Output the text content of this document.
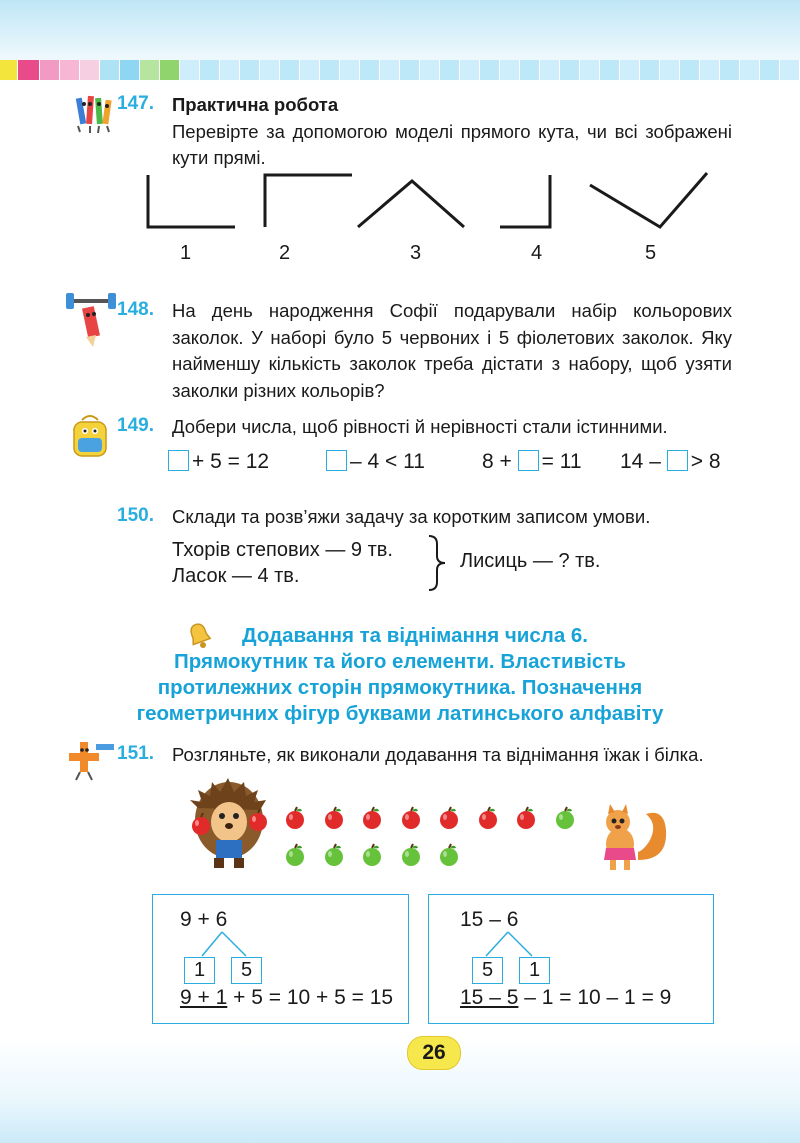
147. Практична робота
Перевірте за допомогою моделі прямого кута, чи всі зображені кути прямі.
1	2	3	4	5
148. На день народження Софії подарували набір кольорових заколок. У наборі було 5 червоних і 5 фіолетових заколок. Яку найменшу кількість заколок треба дістати з набору, щоб узяти заколки різних кольорів?
149. Добери числа, щоб рівності й нерівності стали істинними.
+ 5 = 12	– 4 < 11	8 + = 11 14 – > 8
150. Склади та розв’яжи задачу за коротким записом умови.
Тхорів степових — 9 тв.
Ласок — 4 тв.
Лисиць — ? тв.
Додавання та віднімання числа 6.
Прямокутник та його елементи. Властивість
протилежних сторін прямокутника. Позначення
геометричних фігур буквами латинського алфавіту
151. Розгляньте, як виконали додавання та віднімання їжак і білка.
9 + 6
1	5
9 + 1 + 5 = 10 + 5 = 15
15 – 6
5	1
15 – 5 – 1 = 10 – 1 = 9
26
